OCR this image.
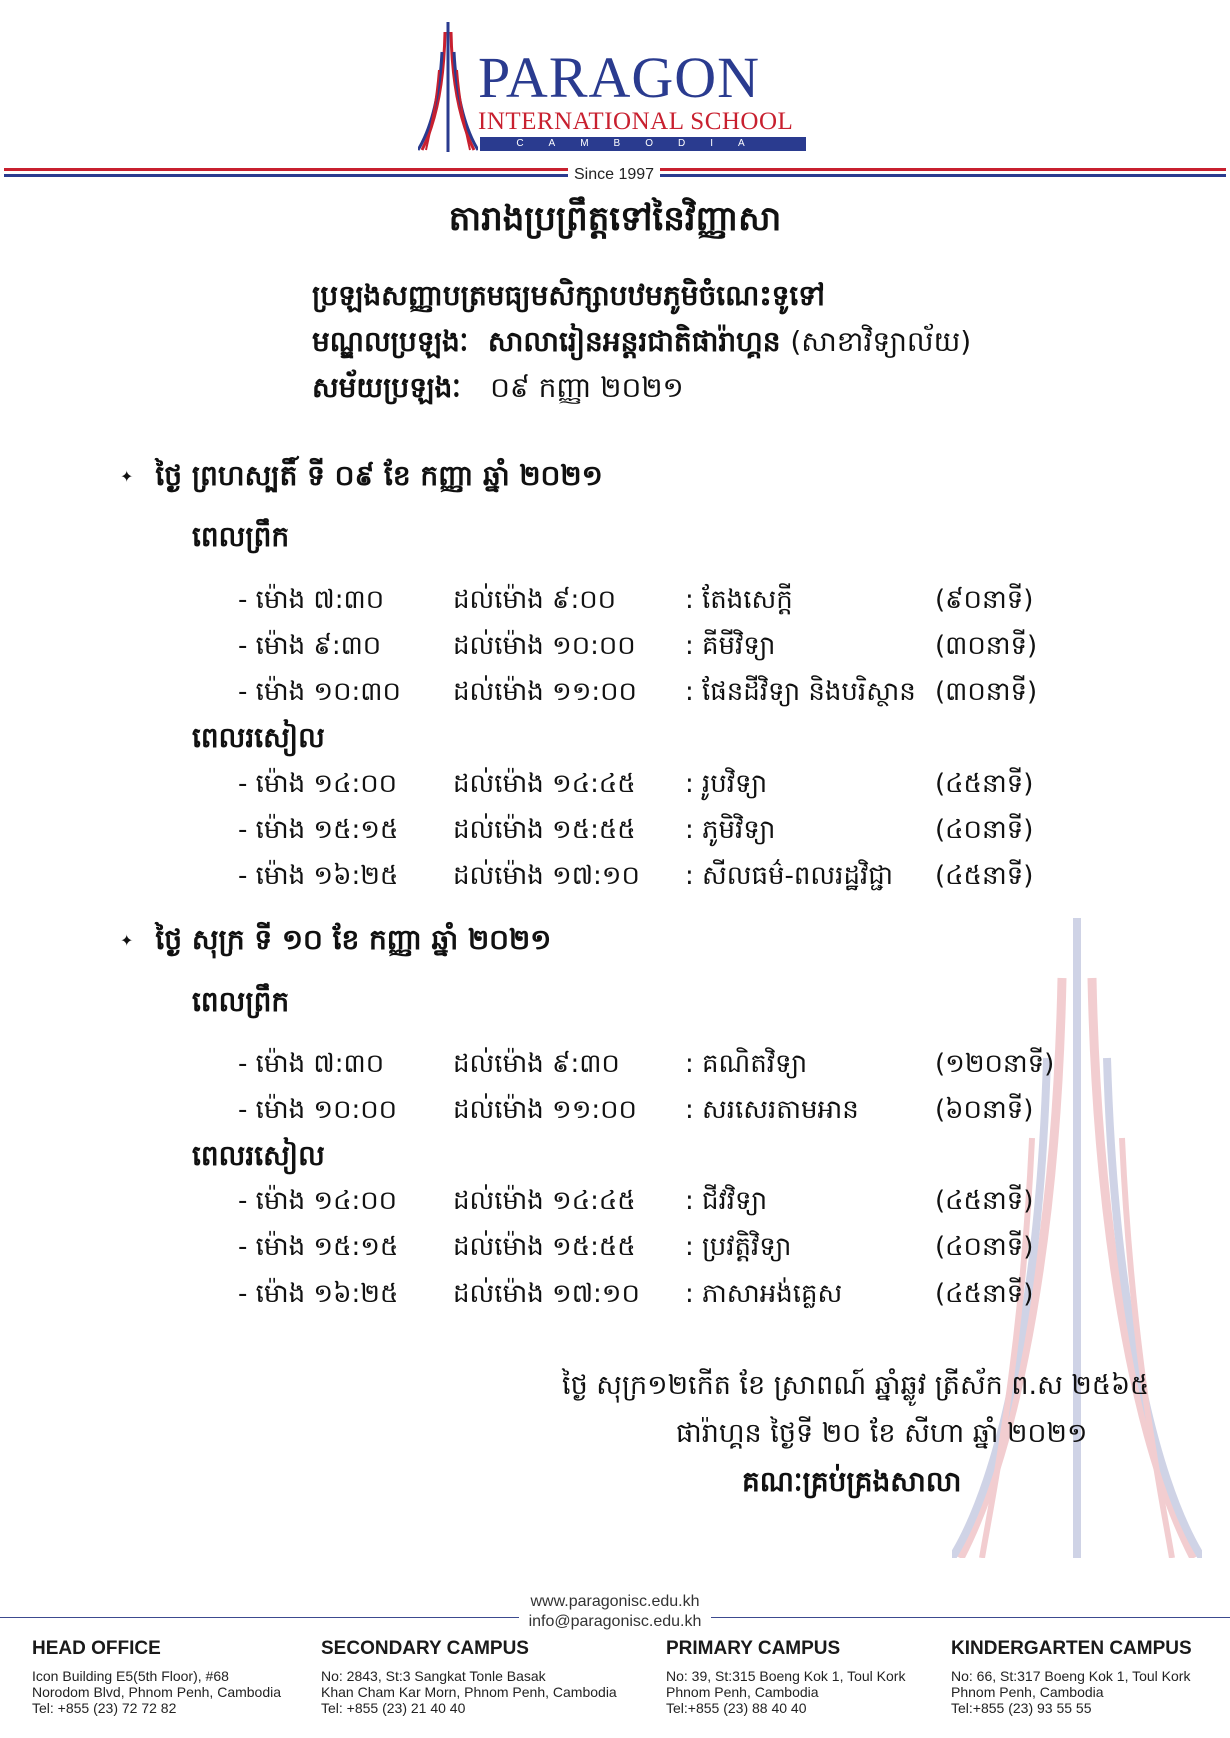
PARAGON
INTERNATIONAL SCHOOL
CAMBODIA
Since 1997
តារាងប្រព្រឹត្តទៅនៃវិញ្ញាសា
ប្រឡងសញ្ញាបត្រមធ្យមសិក្សាបឋមភូមិចំណេះទូទៅ
មណ្ឌលប្រឡងៈ សាលារៀនអន្តរជាតិផារ៉ាហ្គន (សាខាវិទ្យាល័យ)
សម័យប្រឡងៈ ០៩ កញ្ញា ២០២១
✦ ថ្ងៃ ព្រហស្បតិ៍ ទី ០៩ ខែ កញ្ញា ឆ្នាំ ២០២១
ពេលព្រឹក
- ម៉ោង ៧:៣០	ដល់ម៉ោង ៩:០០	: តែងសេក្តី	(៩០នាទី)
- ម៉ោង ៩:៣០	ដល់ម៉ោង ១០:០០ : គីមីវិទ្យា	(៣០នាទី)
- ម៉ោង ១០:៣០ ដល់ម៉ោង ១១:០០ : ផែនដីវិទ្យា និងបរិស្ថាន (៣០នាទី)
ពេលរសៀល
- ម៉ោង ១៤:០០ ដល់ម៉ោង ១៤:៤៥ : រូបវិទ្យា	(៤៥នាទី)
- ម៉ោង ១៥:១៥ ដល់ម៉ោង ១៥:៥៥ : ភូមិវិទ្យា	(៤០នាទី)
- ម៉ោង ១៦:២៥ ដល់ម៉ោង ១៧:១០ : សីលធម៌-ពលរដ្ឋវិជ្ជា (៤៥នាទី)
✦ ថ្ងៃ សុក្រ ទី ១០ ខែ កញ្ញា ឆ្នាំ ២០២១
ពេលព្រឹក
- ម៉ោង ៧:៣០	ដល់ម៉ោង ៩:៣០	: គណិតវិទ្យា	(១២០នាទី)
- ម៉ោង ១០:០០ ដល់ម៉ោង ១១:០០ : សរសេរតាមអាន	(៦០នាទី)
ពេលរសៀល
- ម៉ោង ១៤:០០ ដល់ម៉ោង ១៤:៤៥ : ជីវវិទ្យា	(៤៥នាទី)
- ម៉ោង ១៥:១៥ ដល់ម៉ោង ១៥:៥៥ : ប្រវត្តិវិទ្យា	(៤០នាទី)
- ម៉ោង ១៦:២៥ ដល់ម៉ោង ១៧:១០ : ភាសាអង់គ្លេស	(៤៥នាទី)
ថ្ងៃ សុក្រ១២កើត ខែ ស្រាពណ៍ ឆ្នាំឆ្លូវ ត្រីស័ក ព.ស ២៥៦៥
ផារ៉ាហ្គន ថ្ងៃទី ២០ ខែ សីហា ឆ្នាំ ២០២១
គណៈគ្រប់គ្រងសាលា
www.paragonisc.edu.kh
info@paragonisc.edu.kh
HEAD OFFICE
Icon Building E5(5th Floor), #68
Norodom Blvd, Phnom Penh, Cambodia
Tel: +855 (23) 72 72 82
SECONDARY CAMPUS
No: 2843, St:3 Sangkat Tonle Basak
Khan Cham Kar Morn, Phnom Penh, Cambodia
Tel: +855 (23) 21 40 40
PRIMARY CAMPUS
No: 39, St:315 Boeng Kok 1, Toul Kork
Phnom Penh, Cambodia
Tel:+855 (23) 88 40 40
KINDERGARTEN CAMPUS
No: 66, St:317 Boeng Kok 1, Toul Kork
Phnom Penh, Cambodia
Tel:+855 (23) 93 55 55
